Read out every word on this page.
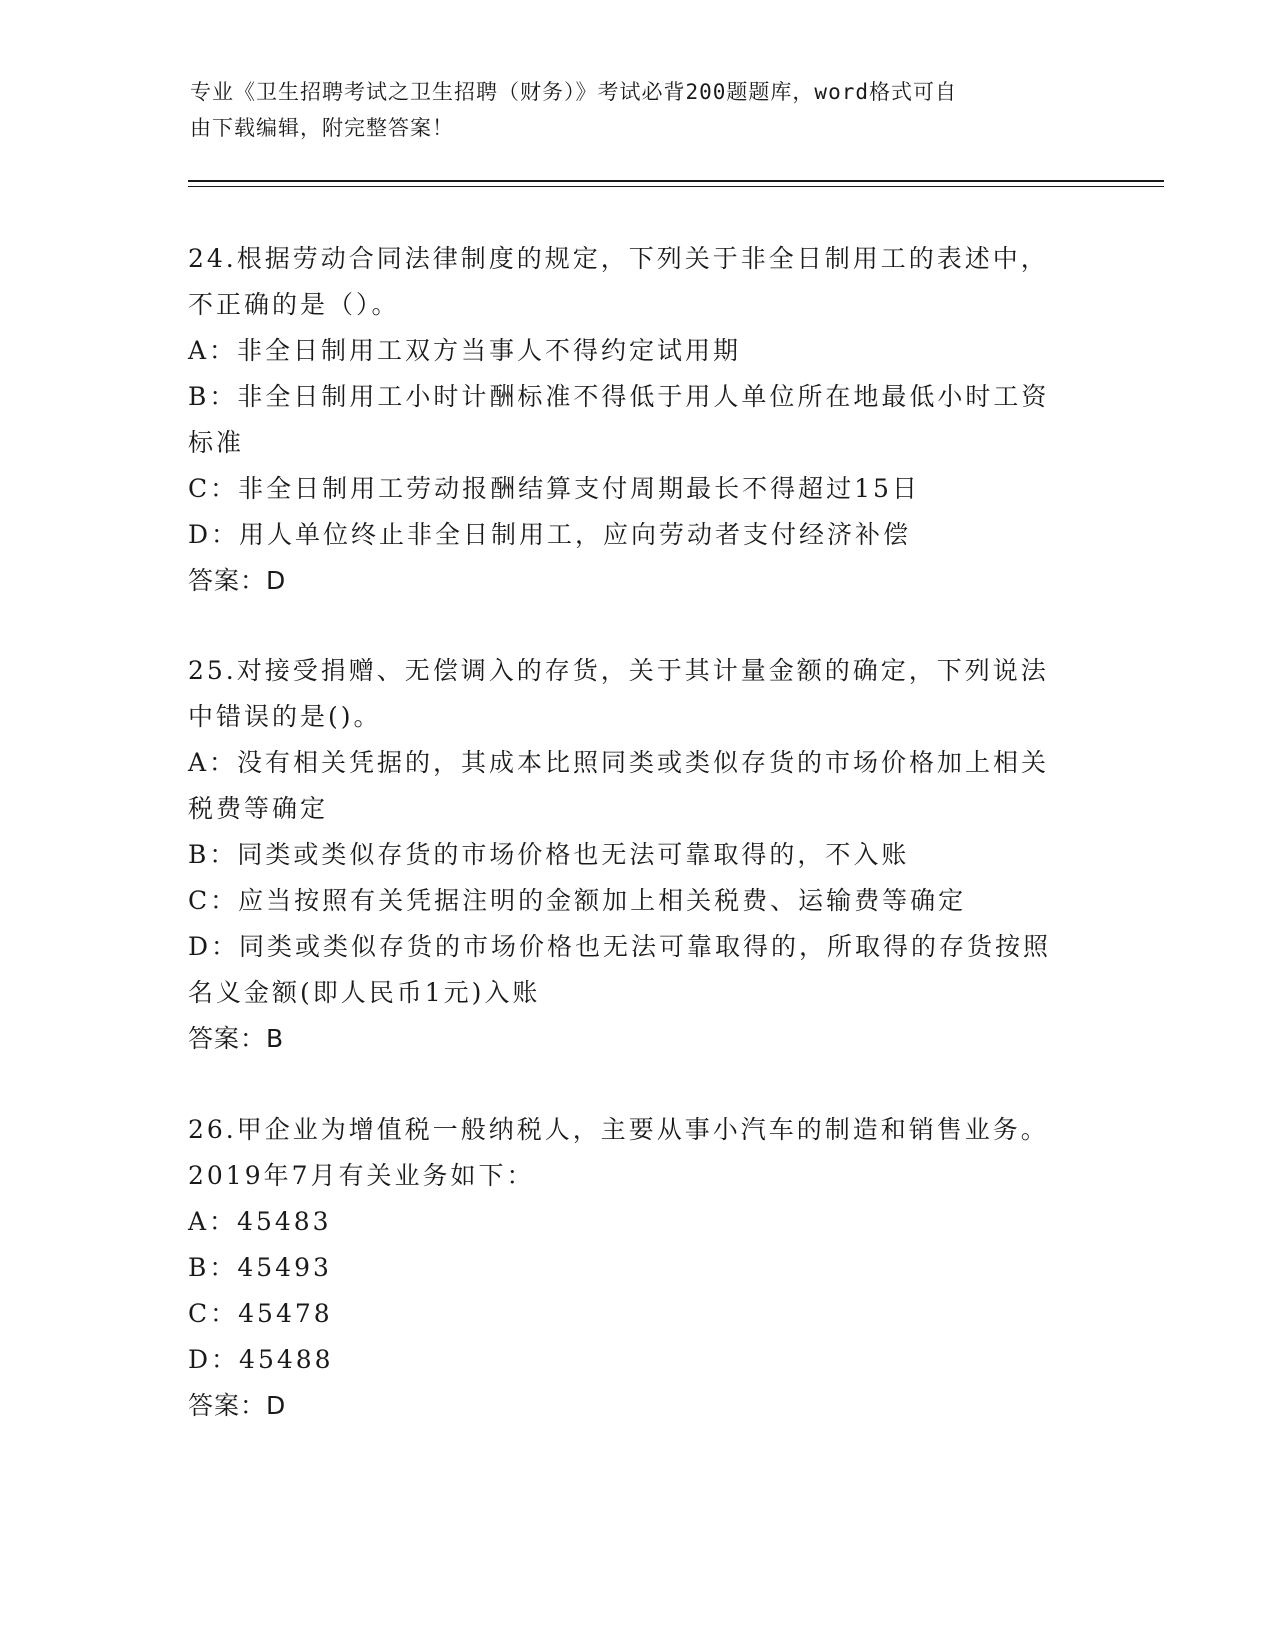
专业《卫生招聘考试之卫生招聘（财务）》考试必背200题题库，word格式可自
由下载编辑，附完整答案！
24.根据劳动合同法律制度的规定，下列关于非全日制用工的表述中，
不正确的是（）。
A：非全日制用工双方当事人不得约定试用期
B：非全日制用工小时计酬标准不得低于用人单位所在地最低小时工资
标准
C：非全日制用工劳动报酬结算支付周期最长不得超过15日
D：用人单位终止非全日制用工，应向劳动者支付经济补偿
答案：D
25.对接受捐赠、无偿调入的存货，关于其计量金额的确定，下列说法
中错误的是()。
A：没有相关凭据的，其成本比照同类或类似存货的市场价格加上相关
税费等确定
B：同类或类似存货的市场价格也无法可靠取得的，不入账
C：应当按照有关凭据注明的金额加上相关税费、运输费等确定
D：同类或类似存货的市场价格也无法可靠取得的，所取得的存货按照
名义金额(即人民币1元)入账
答案：B
26.甲企业为增值税一般纳税人，主要从事小汽车的制造和销售业务。
2019年7月有关业务如下：
A：45483
B：45493
C：45478
D：45488
答案：D
